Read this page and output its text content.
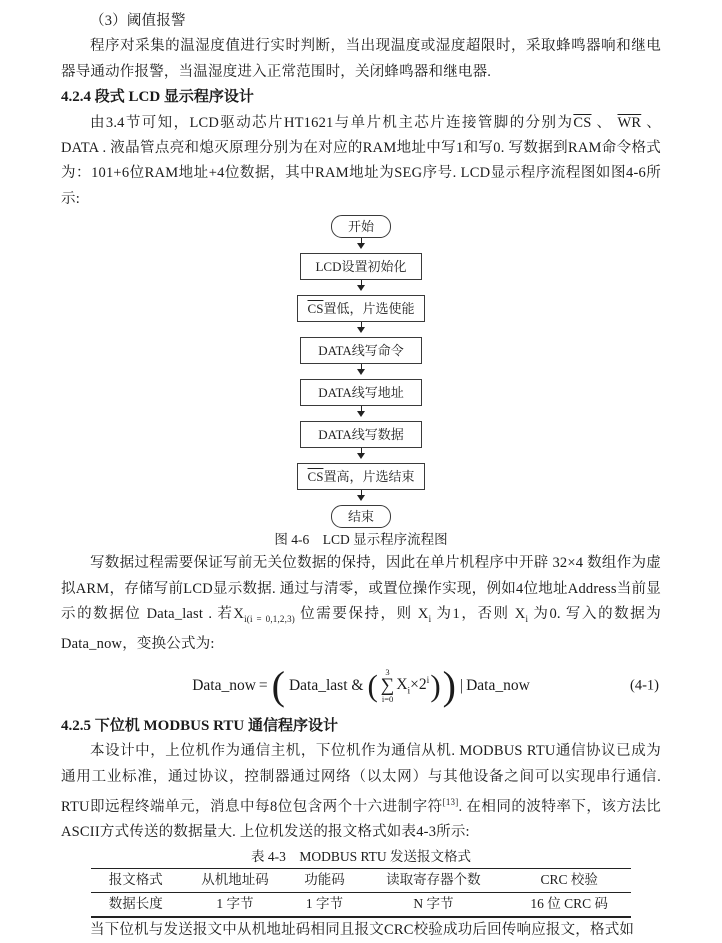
（3）阈值报警

程序对采集的温湿度值进行实时判断，当出现温度或湿度超限时，采取蜂鸣器响和继电器导通动作报警，当温湿度进入正常范围时，关闭蜂鸣器和继电器.

4.2.4 段式 LCD 显示程序设计

由3.4节可知，LCD驱动芯片HT1621与单片机主芯片连接管脚的分别为$\overline{CS}$ 、 $\overline{WR}$ 、DATA . 液晶管点亮和熄灭原理分别为在对应的RAM地址中写1和写0. 写数据到RAM命令格式为：101+6位RAM地址+4位数据，其中RAM地址为SEG序号. LCD显示程序流程图如图4-6所示:

开始
LCD设置初始化
$\overline{CS}$置低，片选使能
DATA线写命令
DATA线写地址
DATA线写数据
$\overline{CS}$置高，片选结束
结束
图 4-6　LCD 显示程序流程图

写数据过程需要保证写前无关位数据的保持，因此在单片机程序中开辟 32×4 数组作为虚拟ARM，存储写前LCD显示数据. 通过与清零，或置位操作实现，例如4位地址Address当前显示的数据位 Data_last . 若$X_{i(i = 0,1,2,3)}$ 位需要保持，则 $X_i$ 为1，否则 $X_i$ 为0. 写入的数据为Data_now，变换公式为:

Data_now = ( Data_last & ( 3
∑
i=0
$X_i\times 2^i$ ) ) | Data_now	(4-1)
4.2.5 下位机 MODBUS RTU 通信程序设计

本设计中，上位机作为通信主机，下位机作为通信从机. MODBUS RTU通信协议已成为通用工业标准，通过协议，控制器通过网络（以太网）与其他设备之间可以实现串行通信. RTU即远程终端单元，消息中每8位包含两个十六进制字符[13]. 在相同的波特率下，该方法比ASCII方式传送的数据量大. 上位机发送的报文格式如表4-3所示:

表 4-3　MODBUS RTU 发送报文格式
报文格式	从机地址码	功能码	读取寄存器个数	CRC 校验
数据长度	1 字节	1 字节	N 字节	16 位 CRC 码

当下位机与发送报文中从机地址码相同且报文CRC校验成功后回传响应报文，格式如
